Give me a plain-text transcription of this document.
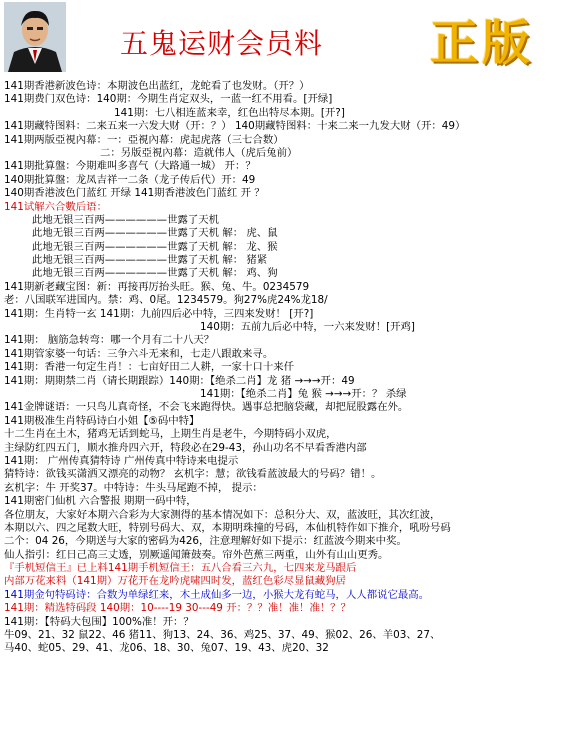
五鬼运财会员料 正版
141期香港新波色诗：本期波色出蓝红，龙蛇看了也发财。（开？）
141期费门双色诗：140期：今期生肖定双头，一蓝一红不用看。[开绿]
141期：七八相连蓝来幸，红色出特尽本期。[开?]
141期藏特图料：二来五来一六发大财（开：？） 140期藏特图料：十来二来一九发大财（开：49）
141期两版亞視內幕：一：亞視內幕：虎起虎落（三七合数）
二：另版亞視內幕：造就伟人（虎后兔前）
141期批算盤：今期难叫多喜气（大路通一城） 开：？
140期批算盤：龙凤吉祥一二条（龙子传后代）开：49
140期香港波色门蓝红 开绿 141期香港波色门蓝红 开 ？
141试解六合數后语：
此地无银三百两——————世露了天机
此地无银三百两——————世露了天机 解： 虎、鼠
此地无银三百两——————世露了天机 解： 龙、猴
此地无银三百两——————世露了天机 解： 猪紧
此地无银三百两——————世露了天机 解： 鸡、狗
141期新老藏宝图：新：再接再厉抬头旺。猴、兔、牛。0234579
老：八国联军进国内。禁：鸡、0尾。1234579。狗27%虎24%龙18/
141期：生肖特一玄 141期：九前四后必中特，三四来发财！ [开?]
140期：五前九后必中特，一六来发财！[开鸡]
141期： 脑筋急转弯：哪一个月有二十八天？
141期管家婆一句话：三争六斗无来和，七走八跟敢来寻。
141期：香港一句定生肖！：七亩好田二人耕，一家十口十来仟
141期：期期禁二肖（请长期跟踪）140期：【绝杀二肖】龙 猪 →→→开：49
141期：【绝杀二肖】兔 猴 →→→开：？ 杀绿
141金牌谜语：一只鸟儿真奇怪，不会飞来跑得快。遇事总把脑袋藏，却把屁股露在外。
141期极准生肖特码诗白小姐【⑤码中特】
十二生肖在土木，猪鸡无话到蛇马，上期生肖是老牛，今期特码小双虎，
主绿防红四五门，顺水推舟四六开，特段必在29-43，孙山功名不早看香港内部
141期： 广州传真猜特诗 广州传真中特诗来电提示
猜特诗：欲钱买潇洒又漂亮的动物？ 玄机字：慧；欲钱看蓝波最大的号码？错！。
玄机字：牛 开奖37。中特诗：牛头马尾跑不掉， 提示：
141期密门仙机 六合警报 期期一码中特，
各位朋友，大家好本期六合彩为大家测得的基本情况如下：总积分大、双，蓝波旺，其次红波，
本期以六、四之尾数大旺，特别号码大、双，本期明珠撞的号码，本仙机特作如下推介，吼吩号码
二个：04 26，今期送与大家的密码为426，注意理解好如下提示：红蓝波今期来中奖。
仙人指引：红日己高三丈透，别厥遥闻箫鼓奏。帘外芭蕉三两重，山外有山山更秀。
『手机短信王』已上料141期手机短信王：五八合看三六九，七四来龙马跟后
内部万花来料（141期）万花开在龙吟虎啸四时发，蓝红色彩尽显鼠藏狗居
141期金句特码诗：合数为单绿红来，木土成仙多一边，小猴大龙有蛇马，人人都说它最高。
141期：精选特码段 140期：10----19 30---49 开：？？准！准！准！？？
141期：【特码大包围】100%准！开：？
牛09、21、32 鼠22、46 猪11、狗13、24、36、鸡25、37、49、猴02、26、羊03、27、
马40、蛇05、29、41、龙06、18、30、兔07、19、43、虎20、32
